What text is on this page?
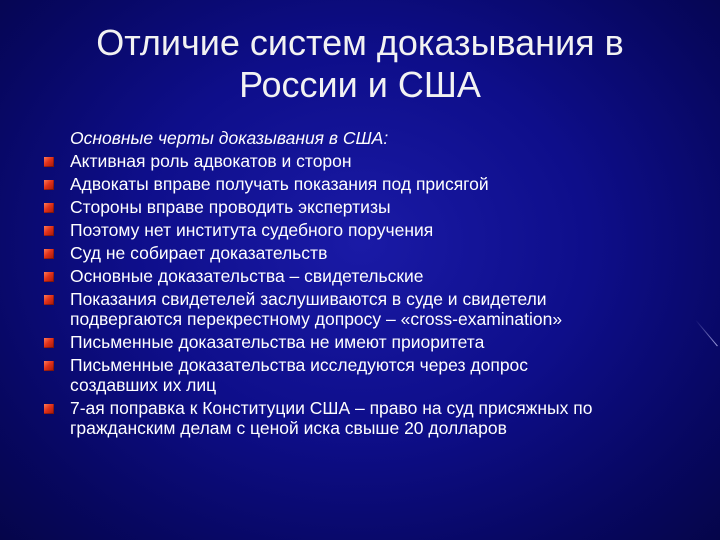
Отличие систем доказывания в
России и США
Основные черты доказывания в США:
Активная роль адвокатов и сторон
Адвокаты вправе получать показания под присягой
Стороны вправе проводить экспертизы
Поэтому нет института судебного поручения
Суд не собирает доказательств
Основные доказательства – свидетельские
Показания свидетелей заслушиваются в суде и свидетели
подвергаются перекрестному допросу – «cross-examination»
Письменные доказательства не имеют приоритета
Письменные доказательства исследуются через допрос
создавших их лиц
7-ая поправка к Конституции США – право на суд присяжных по
гражданским делам с ценой иска свыше 20 долларов
